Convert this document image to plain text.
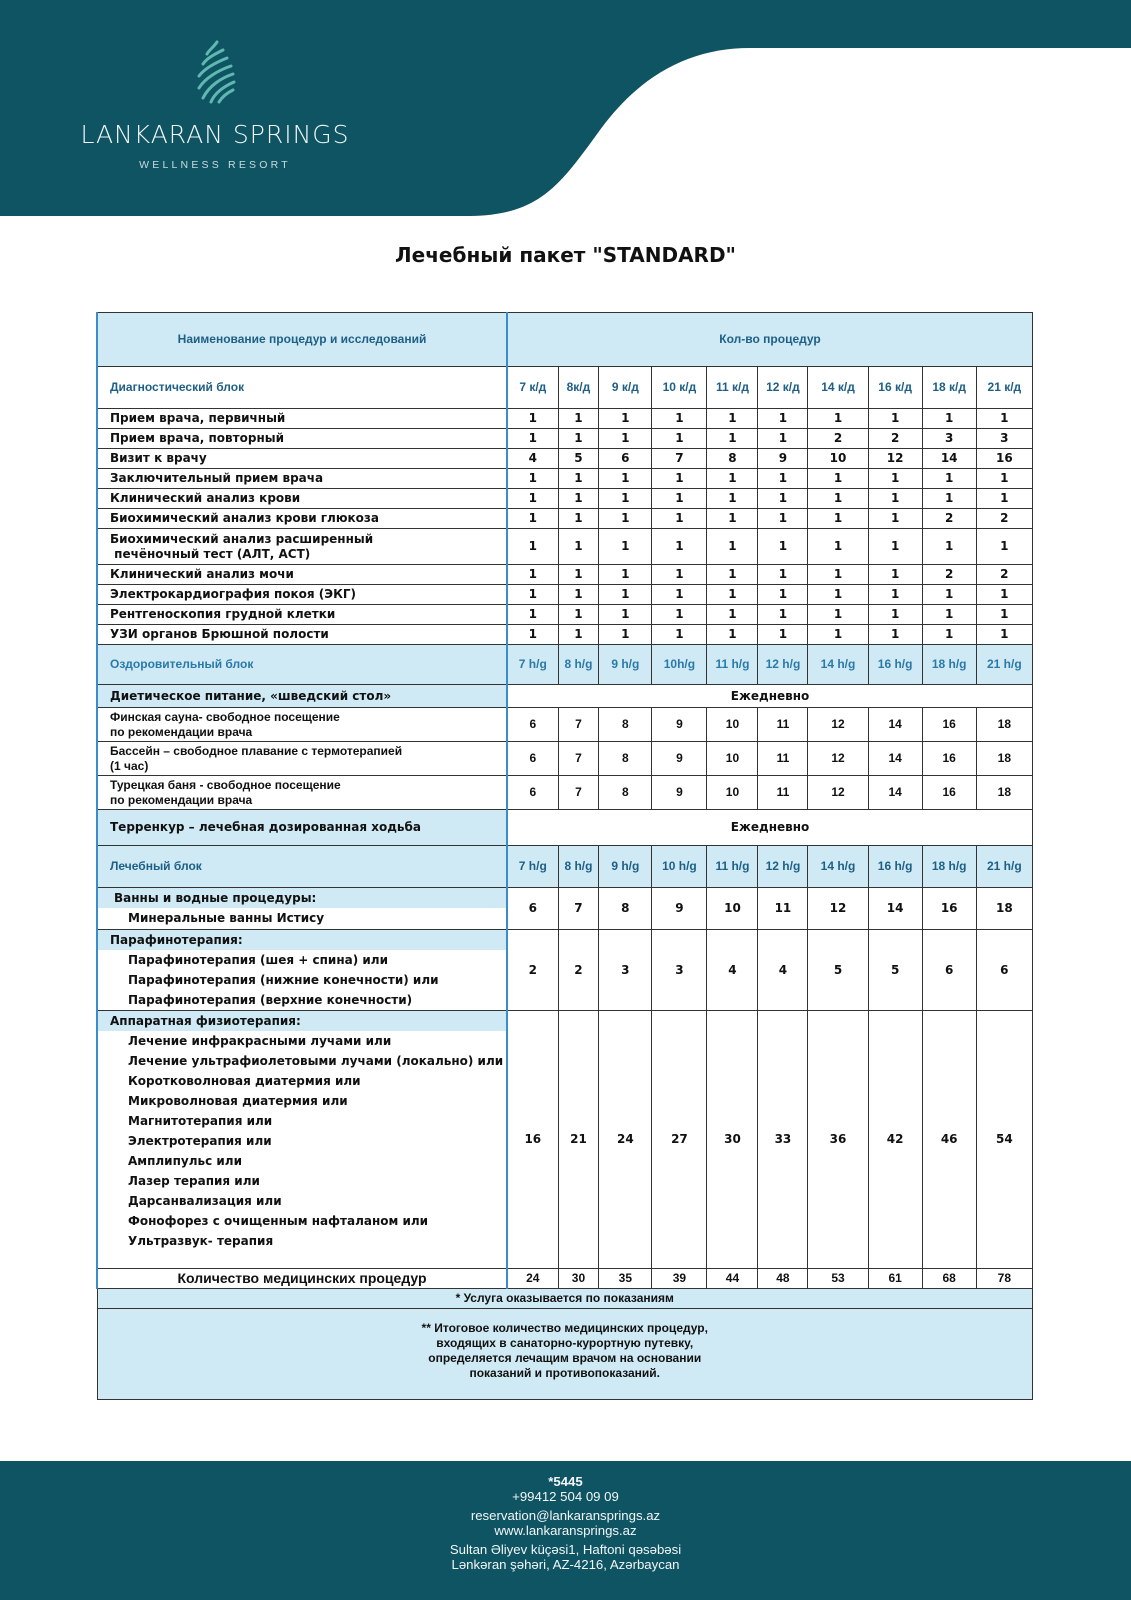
LANKARAN SPRINGS
WELLNESS RESORT
Лечебный пакет "STANDARD"
Наименование процедур и исследований	Кол-во процедур									
Диагностический блок	7 к/д	8к/д	9 к/д	10 к/д	11 к/д	12 к/д	14 к/д	16 к/д	18 к/д	21 к/д

Прием врача, первичный	1	1	1	1	1	1	1	1	1	1

Прием врача, повторный	1	1	1	1	1	1	2	2	3	3

Визит к врачу	4	5	6	7	8	9	10	12	14	16

Заключительный прием врача	1	1	1	1	1	1	1	1	1	1

Клинический анализ крови	1	1	1	1	1	1	1	1	1	1

Биохимический анализ крови глюкоза	1	1	1	1	1	1	1	1	2	2

Биохимический анализ расширенный
печёночный тест (АЛТ, АСТ)	1	1	1	1	1	1	1	1	1	1

Клинический анализ мочи	1	1	1	1	1	1	1	1	2	2

Электрокардиография покоя (ЭКГ)	1	1	1	1	1	1	1	1	1	1

Рентгеноскопия грудной клетки	1	1	1	1	1	1	1	1	1	1

УЗИ органов Брюшной полости	1	1	1	1	1	1	1	1	1	1
Оздоровительный блок	7 h/g	8 h/g	9 h/g	10h/g	11 h/g	12 h/g	14 h/g	16 h/g	18 h/g	21 h/g
Диетическое питание, «шведский стол»	Ежедневно									

Финская сауна- свободное посещение
по рекомендации врача	6	7	8	9	10	11	12	14	16	18

Бассейн – свободное плавание с термотерапией
(1 час)	6	7	8	9	10	11	12	14	16	18

Турецкая баня - свободное посещение
по рекомендации врача	6	7	8	9	10	11	12	14	16	18
Терренкур – лечебная дозированная ходьба	Ежедневно									
Лечебный блок	7 h/g	8 h/g	9 h/g	10 h/g	11 h/g	12 h/g	14 h/g	16 h/g	18 h/g	21 h/g

Ванны и водные процедуры:
Минеральные ванны Истису	6	7	8	9	10	11	12	14	16	18

Парафинотерапия:
Парафинотерапия (шея + спина) или
Парафинотерапия (нижние конечности) или
Парафинотерапия (верхние конечности)	2	2	3	3	4	4	5	5	6	6

Аппаратная физиотерапия:
Лечение инфракрасными лучами или
Лечение ультрафиолетовыми лучами (локально) или
Коротковолновая диатермия или
Микроволновая диатермия или
Магнитотерапия или
Электротерапия или
Амплипульс или
Лазер терапия или
Дарсанвализация или
Фонофорез с очищенным нафталаном или
Ультразвук- терапия
	16	21	24	27	30	33	36	42	46	54
Количество медицинских процедур	24	30	35	39	44	48	53	61	68	78
* Услуга оказывается по показаниям										

** Итоговое количество медицинских процедур,
входящих в санаторно-курортную путевку,
определяется лечащим врачом на основании
показаний и противопоказаний.										
*5445
+99412 504 09 09
reservation@lankaransprings.az
www.lankaransprings.az
Sultan Əliyev küçəsi1, Haftoni qəsəbəsi
Lənkəran şəhəri, AZ-4216, Azərbaycan
